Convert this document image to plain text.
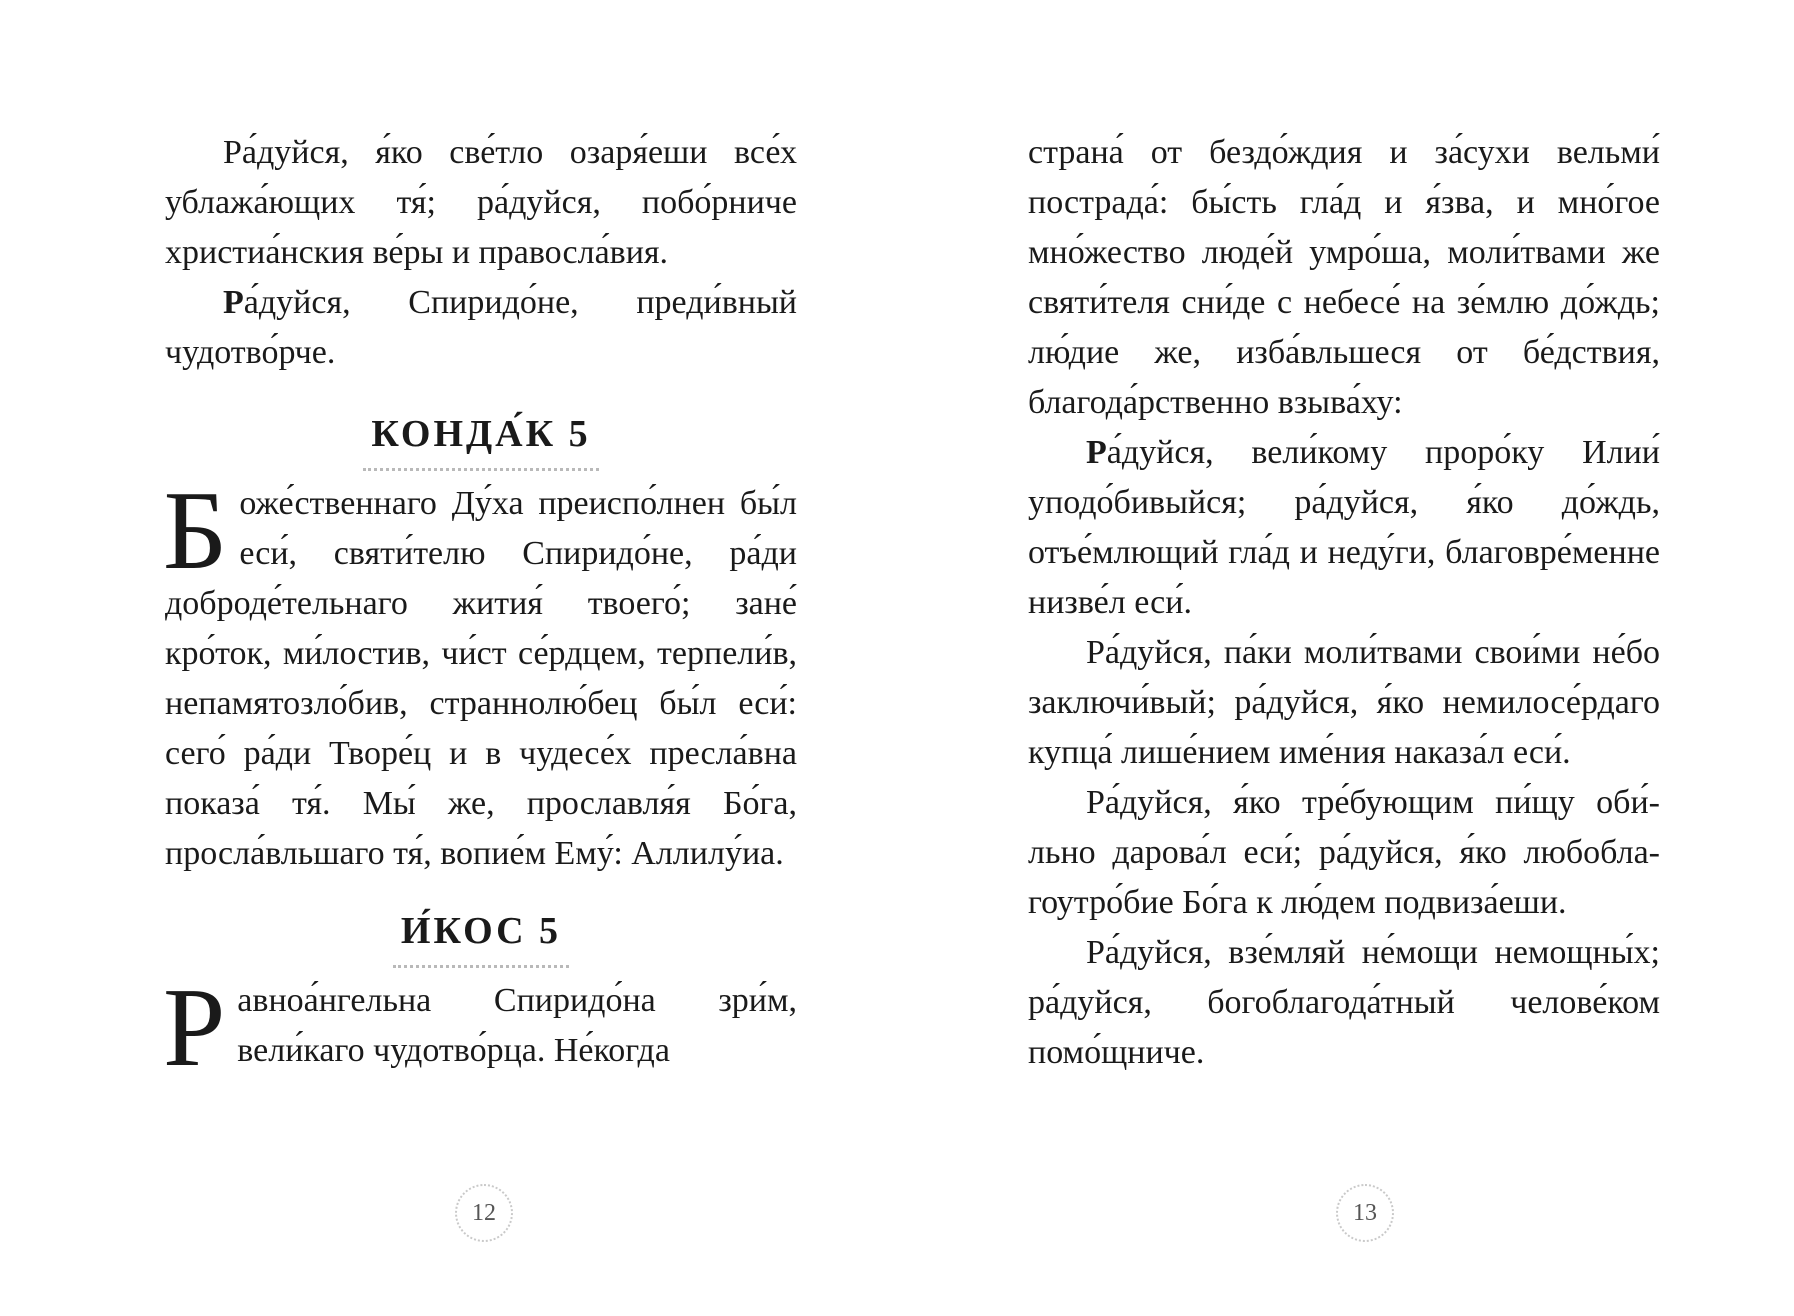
Ра́дуйся, я́ко све́тло озаря́еши все́х ублажа́ющих тя́; ра́дуйся, побо́рниче христиа́нския ве́ры и правосла́вия.

Ра́дуйся, Спиридо́не, преди́вный чудотво́рче.

КОНДА́К 5

Боже́ственнаго Ду́ха преиспо́лнен бы́л еси́, святи́телю Спиридо́не, ра́ди доброде́тельнаго жития́ твоего́; зане́ кро́ток, ми́лостив, чи́ст се́рдцем, терпели́в, непамятозло́бив, страннолю́бец бы́л еси́: сего́ ра́ди Творе́ц и в чудесе́х пресла́вна показа́ тя́. Мы́ же, прославля́я Бо́га, просла́вльшаго тя́, вопие́м Ему́: Аллилу́иа.

И́КОС 5

Равноа́нгельна Спиридо́на зри́м, вели́каго чудотво́рца. Не́когда

12

страна́ от бездо́ждия и за́сухи вельми́ пострада́: бы́сть гла́д и я́зва, и мно́гое мно́жество люде́й умро́ша, моли́твами же святи́теля сни́де с небесе́ на зе́млю до́ждь; лю́дие же, изба́вльшеся от бе́дствия, благода́рственно взыва́ху:

Ра́дуйся, вели́кому проро́ку Илии́ уподо́бивыйся; ра́дуйся, я́ко до́ждь, отъе́млющий гла́д и неду́ги, благовре́менне низве́л еси́.

Ра́дуйся, па́ки моли́твами свои́ми не́бо заключи́вый; ра́дуйся, я́ко немилосе́рдаго купца́ лише́нием име́ния наказа́л еси́.

Ра́дуйся, я́ко тре́бующим пи́щу оби́льно дарова́л еси́; ра́дуйся, я́ко любоблагоутро́бие Бо́га к лю́дем подвиза́еши.

Ра́дуйся, взе́мляй не́мощи немощны́х; ра́дуйся, богоблагода́тный челове́ком помо́щниче.

13
